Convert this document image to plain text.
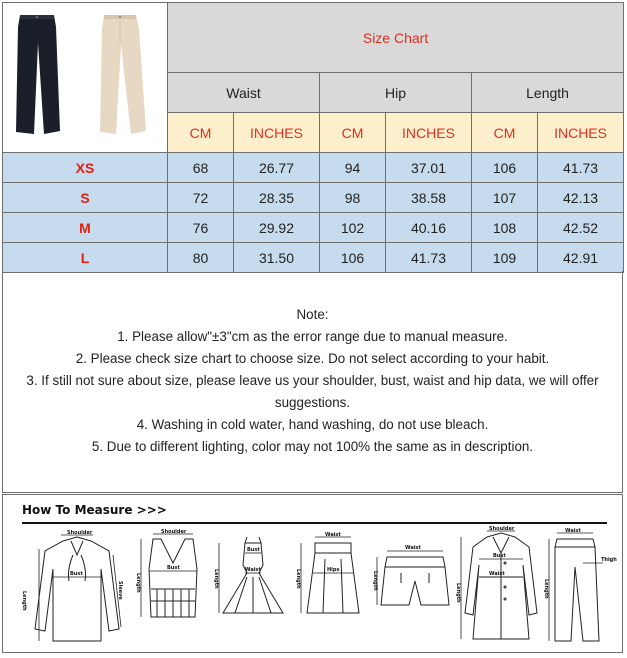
	Size Chart					
	Waist		Hip		Length	
	CM	INCHES	CM	INCHES	CM	INCHES
XS	68	26.77	94	37.01	106	41.73
S	72	28.35	98	38.58	107	42.13
M	76	29.92	102	40.16	108	42.52
L	80	31.50	106	41.73	109	42.91

Note:

1. Please allow"±3"cm as the error range due to manual measure.

2. Please check size chart to choose size. Do not select according to your habit.

3. If still not sure about size, please leave us your shoulder, bust, waist and hip data, we will offer

suggestions.

4. Washing in cold water, hand washing, do not use bleach.

5. Due to different lighting, color may not 100% the same as in description.

How To Measure >>>
Shoulder
Bust
Length
Sleeve
Shoulder
Bust
Length
Bust
Waist
Length
Waist
Hips
Length
Waist
Length
Shoulder
Bust
Waist
Length
Waist
Thigh
Length
